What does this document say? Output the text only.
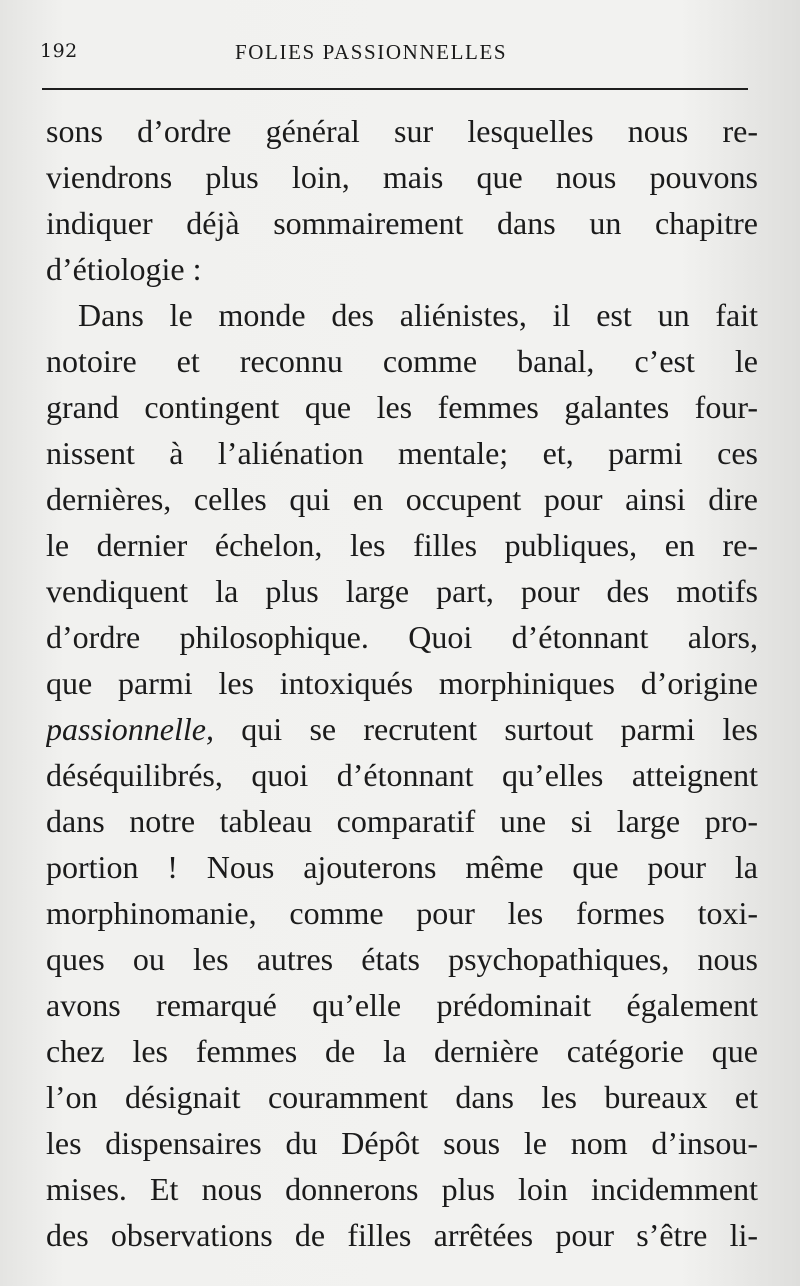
192	FOLIES PASSIONNELLES
sons d’ordre général sur lesquelles nous re-
viendrons plus loin, mais que nous pouvons
indiquer déjà sommairement dans un chapitre
d’étiologie :
Dans le monde des aliénistes, il est un fait
notoire et reconnu comme banal, c’est le
grand contingent que les femmes galantes four-
nissent à l’aliénation mentale; et, parmi ces
dernières, celles qui en occupent pour ainsi dire
le dernier échelon, les filles publiques, en re-
vendiquent la plus large part, pour des motifs
d’ordre philosophique. Quoi d’étonnant alors,
que parmi les intoxiqués morphiniques d’origine
passionnelle, qui se recrutent surtout parmi les
déséquilibrés, quoi d’étonnant qu’elles atteignent
dans notre tableau comparatif une si large pro-
portion ! Nous ajouterons même que pour la
morphinomanie, comme pour les formes toxi-
ques ou les autres états psychopathiques, nous
avons remarqué qu’elle prédominait également
chez les femmes de la dernière catégorie que
l’on désignait couramment dans les bureaux et
les dispensaires du Dépôt sous le nom d’insou-
mises. Et nous donnerons plus loin incidemment
des observations de filles arrêtées pour s’être li-
